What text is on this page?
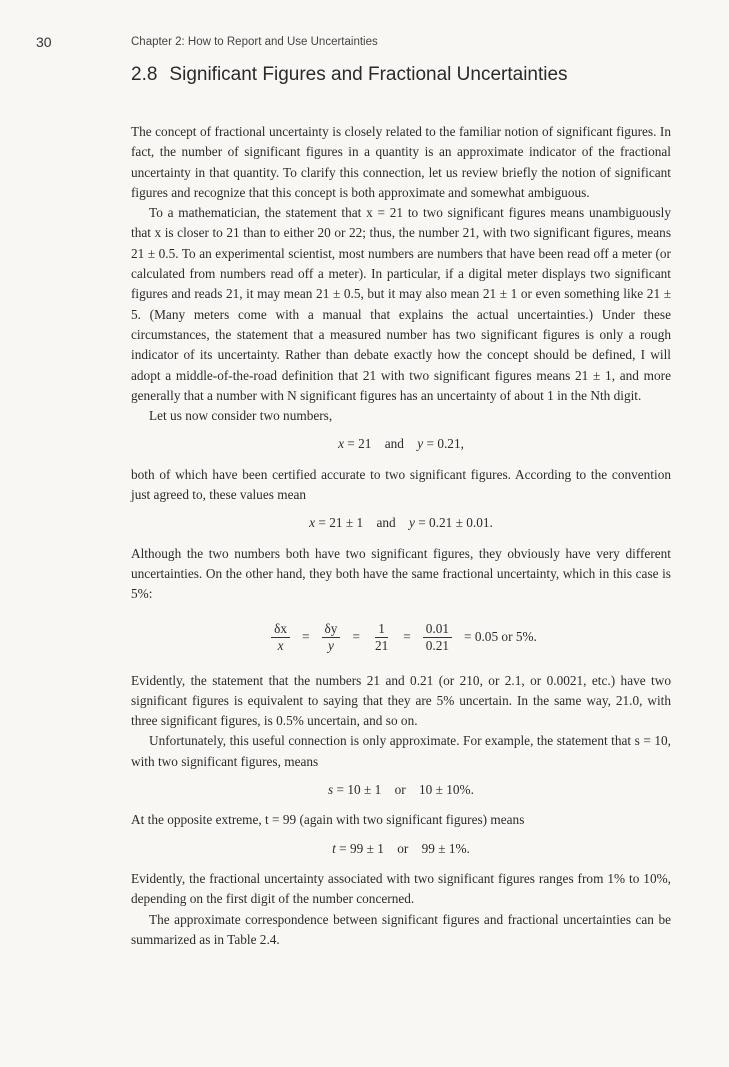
30	Chapter 2: How to Report and Use Uncertainties
2.8 Significant Figures and Fractional Uncertainties

The concept of fractional uncertainty is closely related to the familiar notion of significant figures. In fact, the number of significant figures in a quantity is an approximate indicator of the fractional uncertainty in that quantity. To clarify this connection, let us review briefly the notion of significant figures and recognize that this concept is both approximate and somewhat ambiguous.

To a mathematician, the statement that x = 21 to two significant figures means unambiguously that x is closer to 21 than to either 20 or 22; thus, the number 21, with two significant figures, means 21 ± 0.5. To an experimental scientist, most numbers are numbers that have been read off a meter (or calculated from numbers read off a meter). In particular, if a digital meter displays two significant figures and reads 21, it may mean 21 ± 0.5, but it may also mean 21 ± 1 or even something like 21 ± 5. (Many meters come with a manual that explains the actual uncertainties.) Under these circumstances, the statement that a measured number has two significant figures is only a rough indicator of its uncertainty. Rather than debate exactly how the concept should be defined, I will adopt a middle-of-the-road definition that 21 with two significant figures means 21 ± 1, and more generally that a number with N significant figures has an uncertainty of about 1 in the Nth digit.

Let us now consider two numbers,

x = 21 and y = 0.21,

both of which have been certified accurate to two significant figures. According to the convention just agreed to, these values mean

x = 21 ± 1 and y = 0.21 ± 0.01.

Although the two numbers both have two significant figures, they obviously have very different uncertainties. On the other hand, they both have the same fractional uncertainty, which in this case is 5%:

$\frac{\delta x}{x} = \frac{\delta y}{y} = \frac{1}{21} = \frac{0.01}{0.21} = 0.05$ or 5%.

Evidently, the statement that the numbers 21 and 0.21 (or 210, or 2.1, or 0.0021, etc.) have two significant figures is equivalent to saying that they are 5% uncertain. In the same way, 21.0, with three significant figures, is 0.5% uncertain, and so on.

Unfortunately, this useful connection is only approximate. For example, the statement that s = 10, with two significant figures, means

s = 10 ± 1 or 10 ± 10%.

At the opposite extreme, t = 99 (again with two significant figures) means

t = 99 ± 1 or 99 ± 1%.

Evidently, the fractional uncertainty associated with two significant figures ranges from 1% to 10%, depending on the first digit of the number concerned.

The approximate correspondence between significant figures and fractional uncertainties can be summarized as in Table 2.4.
